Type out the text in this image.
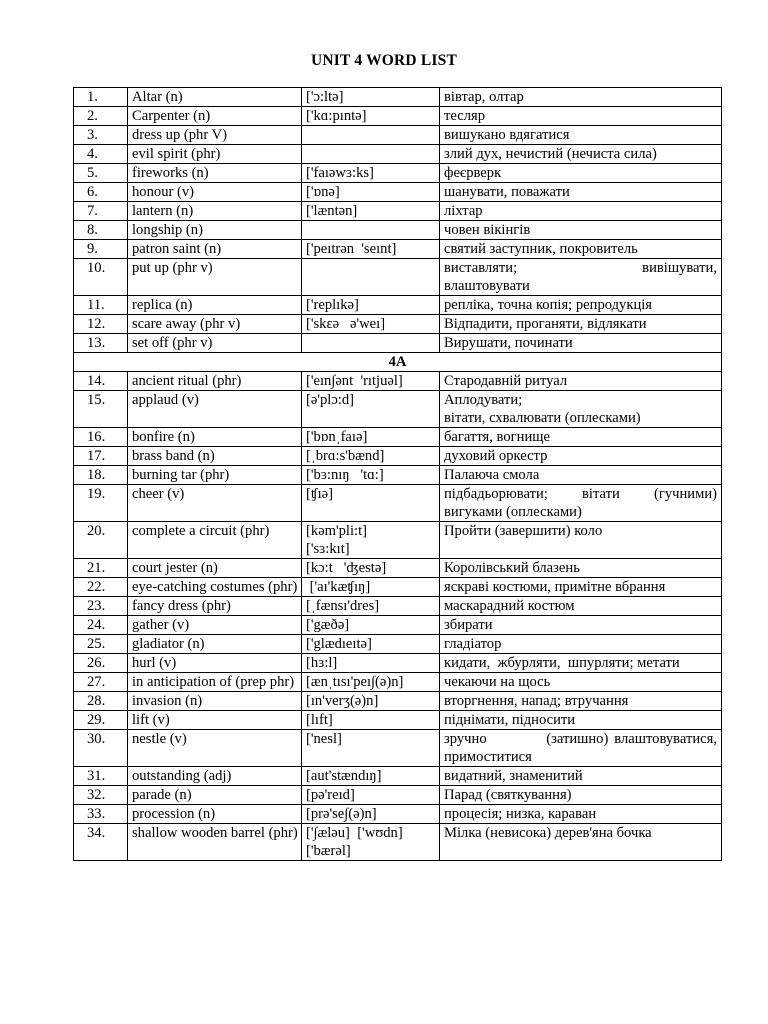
UNIT 4 WORD LIST
1.	Altar (n)	['ɔ:ltə]	вівтар, олтар
2.	Carpenter (n)	['kɑ:pıntə]	тесляр
3.	dress up (phr V)		вишукано вдягатися
4.	evil spirit (phr)		злий дух, нечистий (нечиста сила)
5.	fireworks (n)	['faıəwɜ:ks]	феєрверк
6.	honour (v)	['ɒnə]	шанувати, поважати
7.	lantern (n)	['læntən]	ліхтар
8.	longship (n)		човен вікінгів
9.	patron saint (n)	['peıtrən  'seınt]	святий заступник, покровитель
10.	put up (phr v)		виставляти;          вивішувати, влаштовувати
11.	replica (n)	['replıkə]	репліка, точна копія; репродукція
12.	scare away (phr v)	['skɛə   ə'weı]	Відпадити, проганяти, відлякати
13.	set off (phr v)		Вирушати, починати
4A			
14.	ancient ritual (phr)	['eın∫ənt  'rıtjuəl]	Стародавній ритуал
15.	applaud (v)	[ə'plɔ:d]	Аплодувати;
вітати, схвалювати (оплесками)
16.	bonfire (n)	['bɒnˌfaıə]	багаття, вогнище
17.	brass band (n)	[ˌbrɑ:s'bænd]	духовий оркестр
18.	burning tar (phr)	['bɜ:nıŋ   'tɑ:]	Палаюча смола
19.	cheer (v)	[ʧıə]	підбадьорювати; вітати (гучними) вигуками (оплесками)
20.	complete a circuit (phr)	[kəm'pli:t]
['sɜ:kıt]	Пройти (завершити) коло
21.	court jester (n)	[kɔ:t   'ʤestə]	Королівський блазень
22.	eye-catching costumes (phr)	['aı'kæʧıŋ]	яскраві костюми, примітне вбрання
23.	fancy dress (phr)	[ˌfænsı'dres]	маскарадний костюм
24.	gather (v)	['gæðə]	збирати
25.	gladiator (n)	['glædıeıtə]	гладіатор
26.	hurl (v)	[hɜ:l]	кидати,  жбурляти,  шпурляти; метати
27.	in anticipation of (prep phr)	[ænˌtısı'peı∫(ə)n]	чекаючи на щось
28.	invasion (n)	[ın'verʒ(ə)n]	вторгнення, напад; втручання
29.	lift (v)	[lıft]	піднімати, підносити
30.	nestle (v)	['nesl]	зручно          (затишно) влаштовуватися, примоститися
31.	outstanding (adj)	[aut'stændıŋ]	видатний, знаменитий
32.	parade (n)	[pə'reıd]	Парад (святкування)
33.	procession (n)	[prə'se∫(ə)n]	процесія; низка, караван
34.	shallow wooden barrel (phr)	['∫æləu]  ['wʊdn]
['bærəl]	Мілка (невисока) дерев'яна бочка
